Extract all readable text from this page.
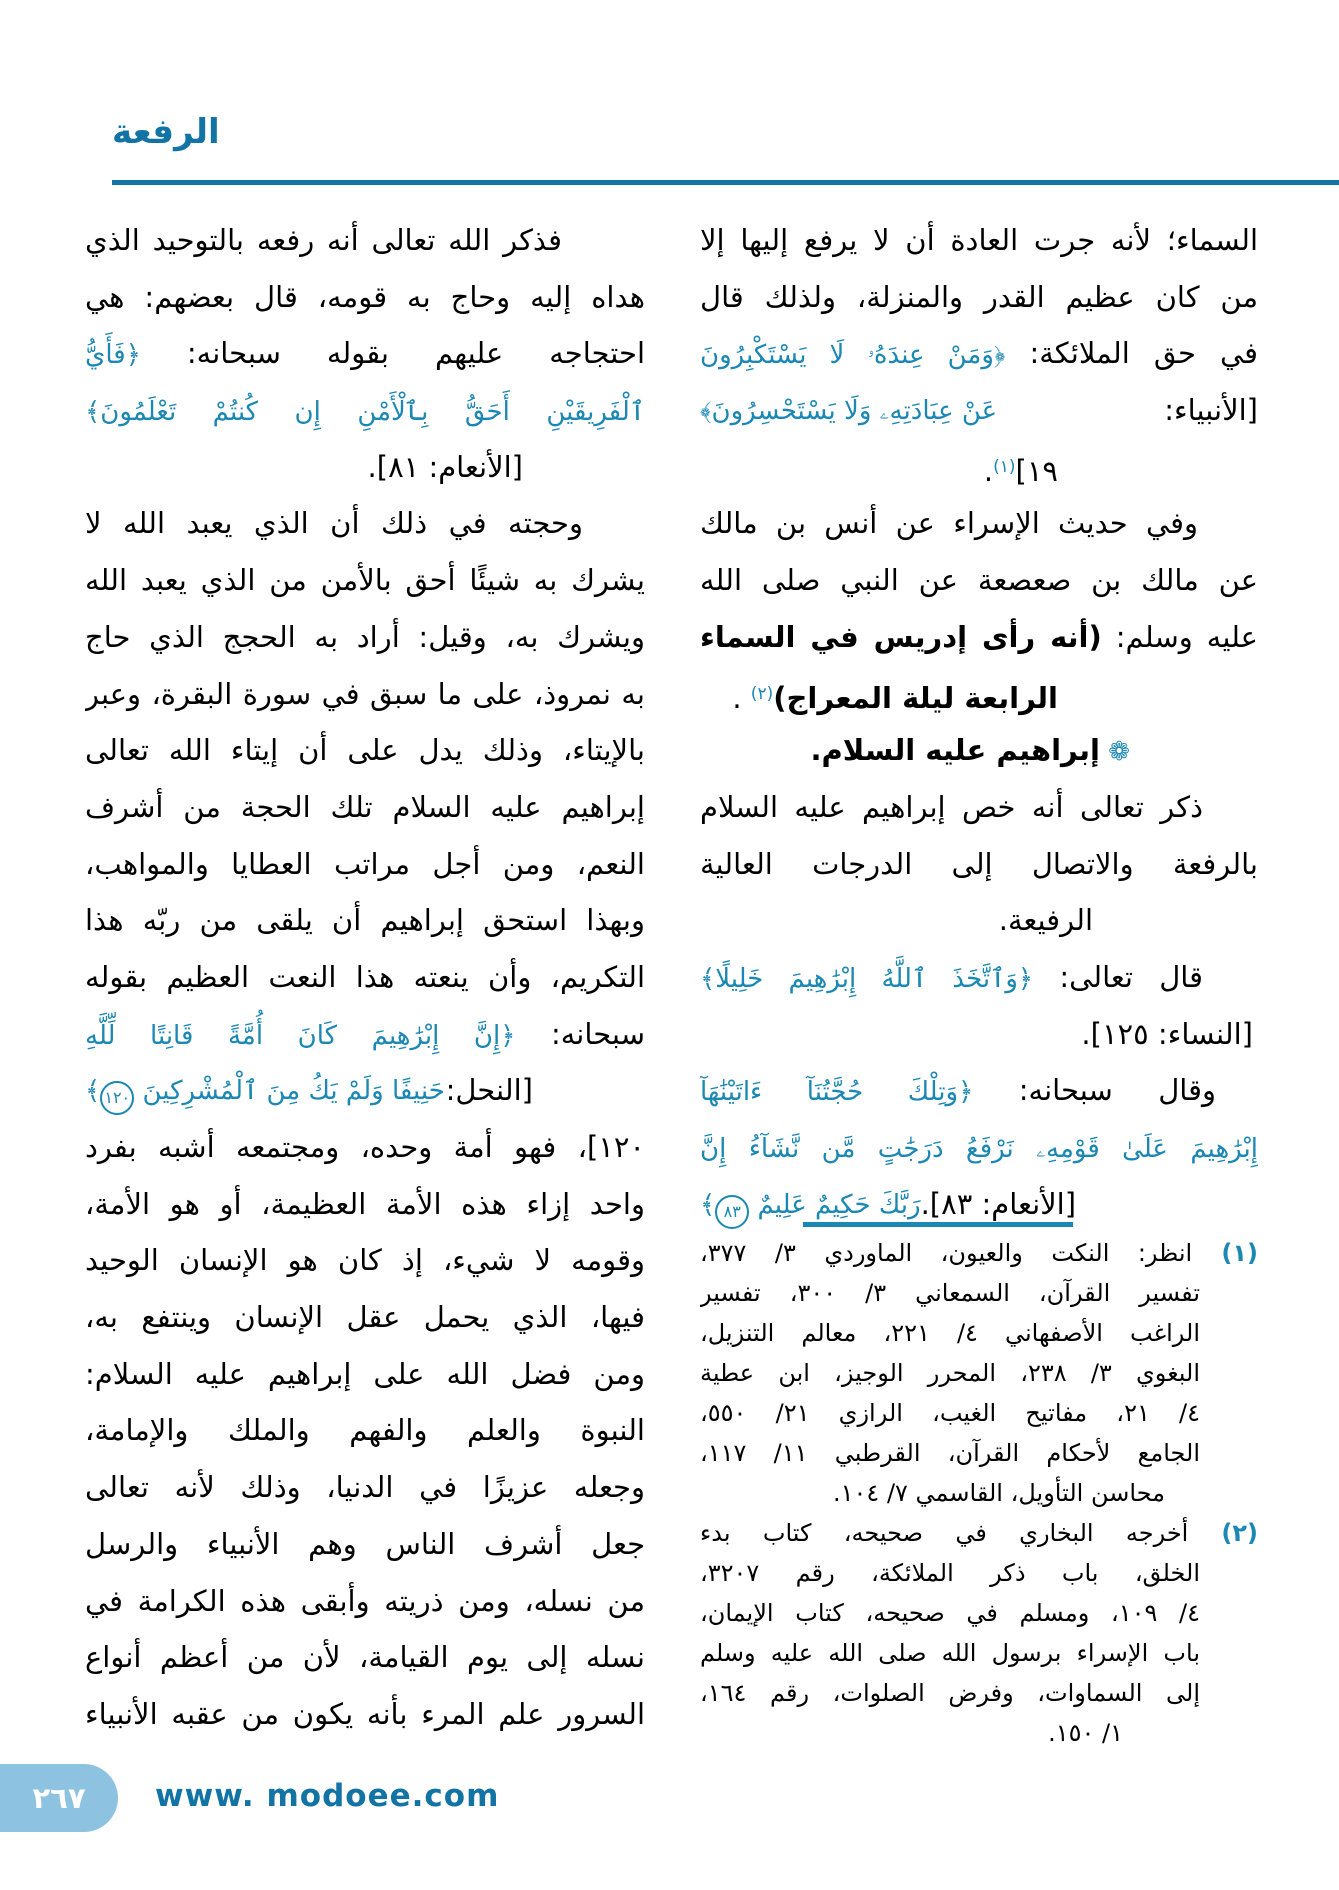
الرفعة
السماء؛ لأنه جرت العادة أن لا يرفع إليها إلا
من كان عظيم القدر والمنزلة، ولذلك قال
في حق الملائكة: ﴿وَمَنْ عِندَهُۥ لَا يَسْتَكْبِرُونَ
[الأنبياء:
عَنْ عِبَادَتِهِۦ وَلَا يَسْتَحْسِرُونَ﴾
١٩]$^{(١)}$.
وفي حديث الإسراء عن أنس بن مالك
عن مالك بن صعصعة عن النبي صلى الله
عليه وسلم: (أنه رأى إدريس في السماء
الرابعة ليلة المعراج)$^{(٢)}$ .
❁ إبراهيم عليه السلام.
ذكر تعالى أنه خص إبراهيم عليه السلام
بالرفعة والاتصال إلى الدرجات العالية
الرفيعة.
قال تعالى: ﴿وَٱتَّخَذَ ٱللَّهُ إِبْرَٰهِيمَ خَلِيلًا﴾
[النساء: ١٢٥].
وقال سبحانه: ﴿وَتِلْكَ حُجَّتُنَآ ءَاتَيْنَٰهَآ
إِبْرَٰهِيمَ عَلَىٰ قَوْمِهِۦ نَرْفَعُ دَرَجَٰتٍ مَّن نَّشَآءُ إِنَّ
[الأنعام: ٨٣].
رَبَّكَ حَكِيمٌ عَلِيمٌ ٨٣﴾
فذكر الله تعالى أنه رفعه بالتوحيد الذي
هداه إليه وحاج به قومه، قال بعضهم: هي
احتجاجه عليهم بقوله سبحانه: ﴿فَأَيُّ
ٱلْفَرِيقَيْنِ أَحَقُّ بِٱلْأَمْنِ إِن كُنتُمْ تَعْلَمُونَ﴾
[الأنعام: ٨١].
وحجته في ذلك أن الذي يعبد الله لا
يشرك به شيئًا أحق بالأمن من الذي يعبد الله
ويشرك به، وقيل: أراد به الحجج الذي حاج
به نمروذ، على ما سبق في سورة البقرة، وعبر
بالإيتاء، وذلك يدل على أن إيتاء الله تعالى
إبراهيم عليه السلام تلك الحجة من أشرف
النعم، ومن أجل مراتب العطايا والمواهب،
وبهذا استحق إبراهيم أن يلقى من ربّه هذا
التكريم، وأن ينعته هذا النعت العظيم بقوله
سبحانه: ﴿إِنَّ إِبْرَٰهِيمَ كَانَ أُمَّةً قَانِتًا لِّلَّهِ
[النحل:
حَنِيفًا وَلَمْ يَكُ مِنَ ٱلْمُشْرِكِينَ ١٢٠﴾
١٢٠]، فهو أمة وحده، ومجتمعه أشبه بفرد
واحد إزاء هذه الأمة العظيمة، أو هو الأمة،
وقومه لا شيء، إذ كان هو الإنسان الوحيد
فيها، الذي يحمل عقل الإنسان وينتفع به،
ومن فضل الله على إبراهيم عليه السلام:
النبوة والعلم والفهم والملك والإمامة،
وجعله عزيزًا في الدنيا، وذلك لأنه تعالى
جعل أشرف الناس وهم الأنبياء والرسل
من نسله، ومن ذريته وأبقى هذه الكرامة في
نسله إلى يوم القيامة، لأن من أعظم أنواع
السرور علم المرء بأنه يكون من عقبه الأنبياء
(١) انظر: النكت والعيون، الماوردي ٣/ ٣٧٧،
تفسير القرآن، السمعاني ٣/ ٣٠٠، تفسير
الراغب الأصفهاني ٤/ ٢٢١، معالم التنزيل،
البغوي ٣/ ٢٣٨، المحرر الوجيز، ابن عطية
٤/ ٢١، مفاتيح الغيب، الرازي ٢١/ ٥٥٠،
الجامع لأحكام القرآن، القرطبي ١١/ ١١٧،
محاسن التأويل، القاسمي ٧/ ١٠٤.
(٢) أخرجه البخاري في صحيحه، كتاب بدء
الخلق، باب ذكر الملائكة، رقم ٣٢٠٧،
٤/ ١٠٩، ومسلم في صحيحه، كتاب الإيمان،
باب الإسراء برسول الله صلى الله عليه وسلم
إلى السماوات، وفرض الصلوات، رقم ١٦٤،
١/ ١٥٠.
٢٦٧ www. modoee.com
